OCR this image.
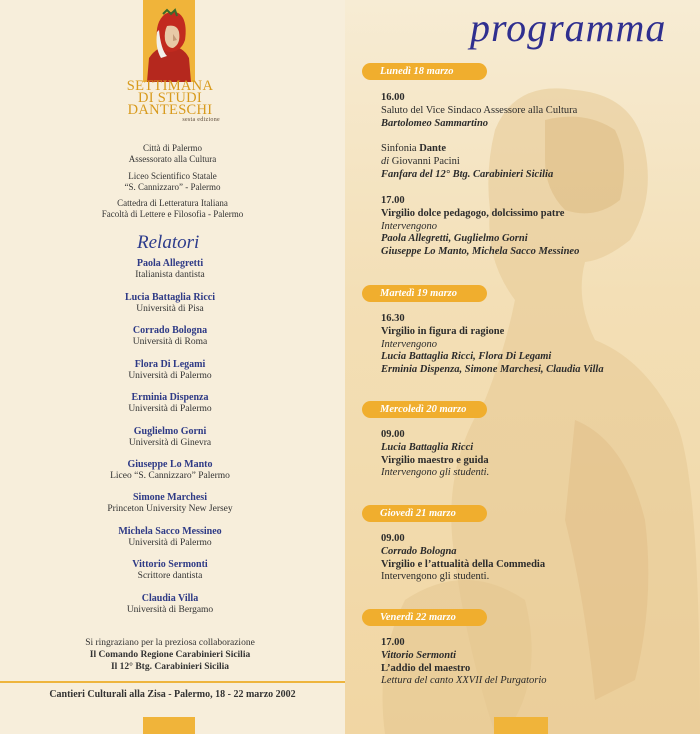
SETTIMANA
DI STUDI
DANTESCHI
sesta edizione
Città di Palermo
Assessorato alla Cultura
Liceo Scientifico Statale
“S. Cannizzaro” - Palermo
Cattedra di Letteratura Italiana
Facoltà di Lettere e Filosofia - Palermo
Relatori
Paola Allegretti
Italianista dantista
Lucia Battaglia Ricci
Università di Pisa
Corrado Bologna
Università di Roma
Flora Di Legami
Università di Palermo
Erminia Dispenza
Università di Palermo
Guglielmo Gorni
Università di Ginevra
Giuseppe Lo Manto
Liceo “S. Cannizzaro” Palermo
Simone Marchesi
Princeton University New Jersey
Michela Sacco Messineo
Università di Palermo
Vittorio Sermonti
Scrittore dantista
Claudia Villa
Università di Bergamo
Si ringraziano per la preziosa collaborazione
Il Comando Regione Carabinieri Sicilia
Il 12° Btg. Carabinieri Sicilia
Cantieri Culturali alla Zisa - Palermo, 18 - 22 marzo 2002
programma
Lunedì 18 marzo
16.00
Saluto del Vice Sindaco Assessore alla Cultura
Bartolomeo Sammartino
Sinfonia Dante
di Giovanni Pacini
Fanfara del 12° Btg. Carabinieri Sicilia
17.00
Virgilio dolce pedagogo, dolcissimo patre
Intervengono
Paola Allegretti, Guglielmo Gorni
Giuseppe Lo Manto, Michela Sacco Messineo
Martedì 19 marzo
16.30
Virgilio in figura di ragione
Intervengono
Lucia Battaglia Ricci, Flora Di Legami
Erminia Dispenza, Simone Marchesi, Claudia Villa
Mercoledì 20 marzo
09.00
Lucia Battaglia Ricci
Virgilio maestro e guida
Intervengono gli studenti.
Giovedì 21 marzo
09.00
Corrado Bologna
Virgilio e l’attualità della Commedia
Intervengono gli studenti.
Venerdì 22 marzo
17.00
Vittorio Sermonti
L’addio del maestro
Lettura del canto XXVII del Purgatorio
